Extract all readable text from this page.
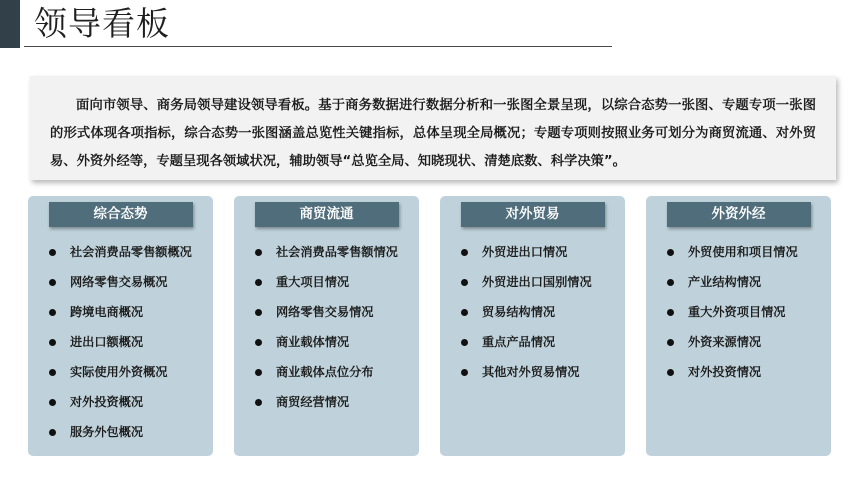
领导看板
面向市领导、商务局领导建设领导看板。基于商务数据进行数据分析和一张图全景呈现，以综合态势一张图、专题专项一张图的形式体现各项指标，综合态势一张图涵盖总览性关键指标，总体呈现全局概况；专题专项则按照业务可划分为商贸流通、对外贸易、外资外经等，专题呈现各领域状况，辅助领导“总览全局、知晓现状、清楚底数、科学决策”。
综合态势
社会消费品零售额概况
网络零售交易概况
跨境电商概况
进出口额概况
实际使用外资概况
对外投资概况
服务外包概况
商贸流通
社会消费品零售额情况
重大项目情况
网络零售交易情况
商业载体情况
商业载体点位分布
商贸经营情况
对外贸易
外贸进出口情况
外贸进出口国别情况
贸易结构情况
重点产品情况
其他对外贸易情况
外资外经
外贸使用和项目情况
产业结构情况
重大外资项目情况
外资来源情况
对外投资情况
